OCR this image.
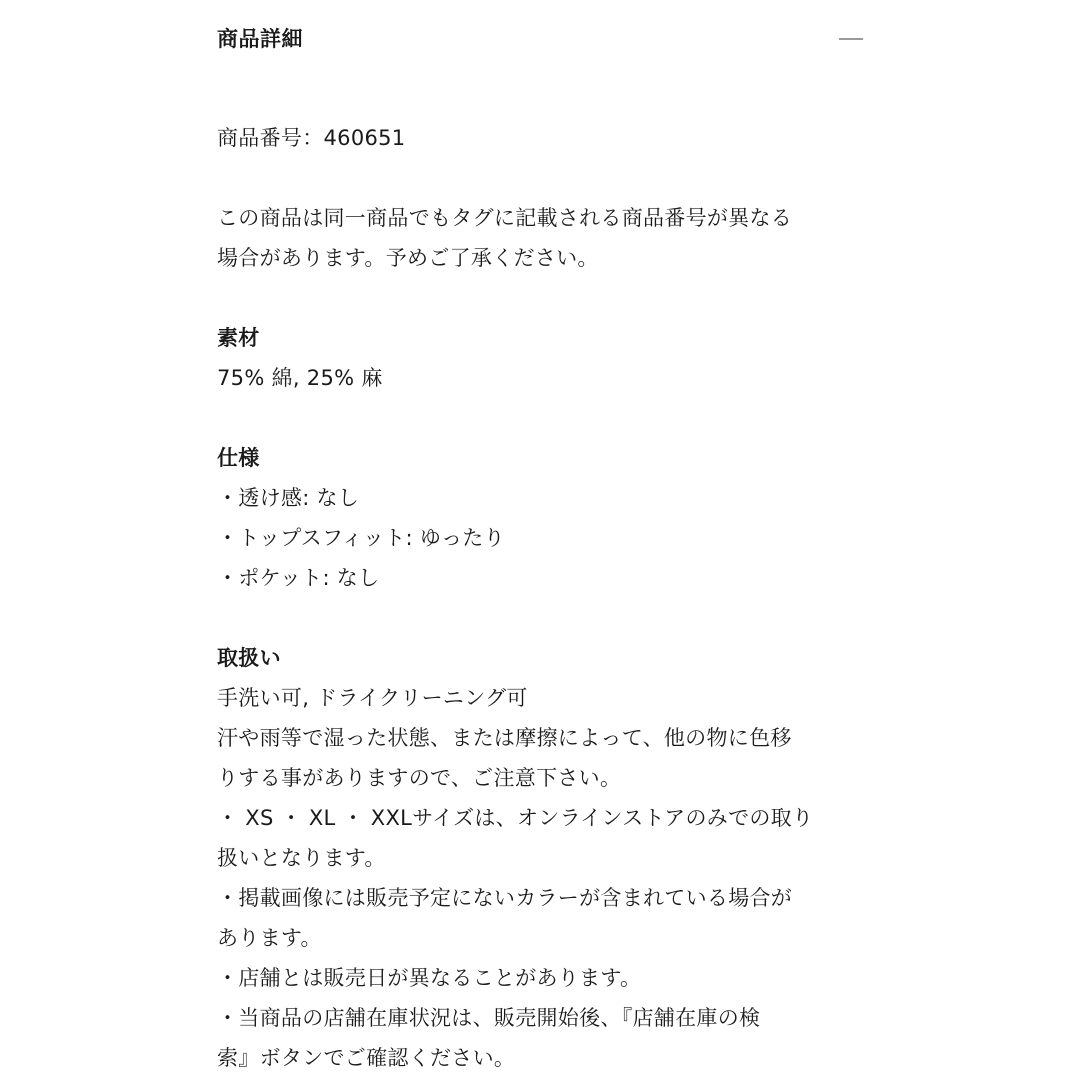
商品詳細
商品番号：460651
この商品は同一商品でもタグに記載される商品番号が異なる
場合があります。予めご了承ください。
素材
75% 綿, 25% 麻
仕様
・透け感: なし
・トップスフィット: ゆったり
・ポケット: なし
取扱い
手洗い可, ドライクリーニング可
汗や雨等で湿った状態、または摩擦によって、他の物に色移
りする事がありますので、ご注意下さい。
・ XS ・ XL ・ XXLサイズは、オンラインストアのみでの取り
扱いとなります。
・掲載画像には販売予定にないカラーが含まれている場合が
あります。
・店舗とは販売日が異なることがあります。
・当商品の店舗在庫状況は、販売開始後、『店舗在庫の検
索』ボタンでご確認ください。
